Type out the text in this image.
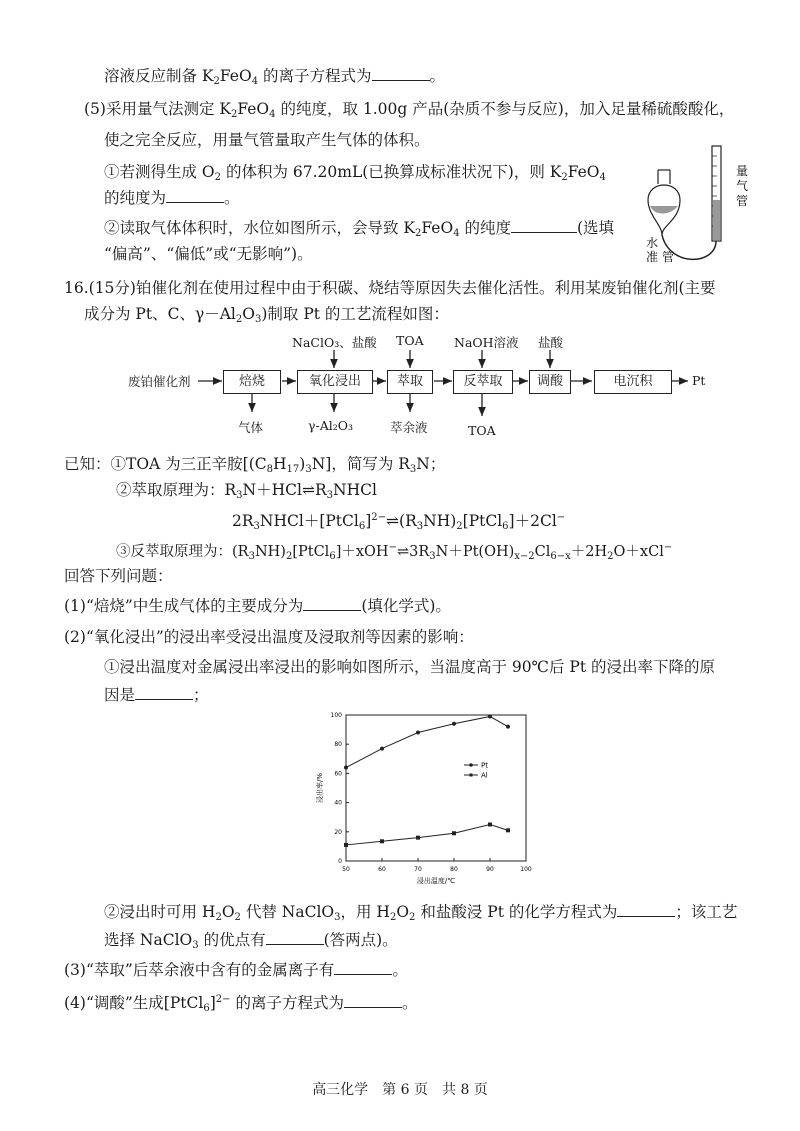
溶液反应制备 $K_2FeO_4$ 的离子方程式为	。
(5)采用量气法测定 $K_2FeO_4$ 的纯度，取 1.00g 产品(杂质不参与反应)，加入足量稀硫酸酸化，
使之完全反应，用量气管量取产生气体的体积。
①若测得生成 $O_2$ 的体积为 67.20mL(已换算成标准状况下)，则 $K_2FeO_4$
的纯度为	。
②读取气体体积时，水位如图所示，会导致 $K_2FeO_4$ 的纯度	(选填
“偏高”、“偏低”或“无影响”)。
量
气
管
水
准 管
16.(15分)铂催化剂在使用过程中由于积碳、烧结等原因失去催化活性。利用某废铂催化剂(主要
成分为 Pt、C、$\gamma-Al_2O_3$)制取 Pt 的工艺流程如图：
废铂催化剂	焙烧	氧化浸出	萃取	反萃取	调酸	电沉积	Pt
NaClO₃、盐酸 TOA NaOH溶液 盐酸
气体	γ-Al₂O₃	萃余液	TOA
已知：①TOA 为三正辛胺$[(C_8H_{17})_3N]$，简写为 $R_3N$；
②萃取原理为：$R_3N+HCl\rightleftharpoons R_3NHCl$
$2R_3NHCl+[PtCl_6]^{2-}\rightleftharpoons(R_3NH)_2[PtCl_6]+2Cl^-$
③反萃取原理为：$(R_3NH)_2[PtCl_6]+xOH^-\rightleftharpoons 3R_3N+Pt(OH)_{x-2}Cl_{6-x}+2H_2O+xCl^-$
回答下列问题：
(1)“焙烧”中生成气体的主要成分为	(填化学式)。
(2)“氧化浸出”的浸出率受浸出温度及浸取剂等因素的影响：
①浸出温度对金属浸出率浸出的影响如图所示，当温度高于 90℃后 Pt 的浸出率下降的原
因是	；
50	60	70	80	90	100
0
20
40
60
80
100
浸出温度/℃
浸出率/%
Pt
Al
②浸出时可用 $H_2O_2$ 代替 NaClO$_3$，用 $H_2O_2$ 和盐酸浸 Pt 的化学方程式为	；该工艺
选择 NaClO$_3$ 的优点有	(答两点)。
(3)“萃取”后萃余液中含有的金属离子有	。
(4)“调酸”生成[PtCl$_6$]$^{2-}$ 的离子方程式为	。
高三化学　第 6 页　共 8 页
